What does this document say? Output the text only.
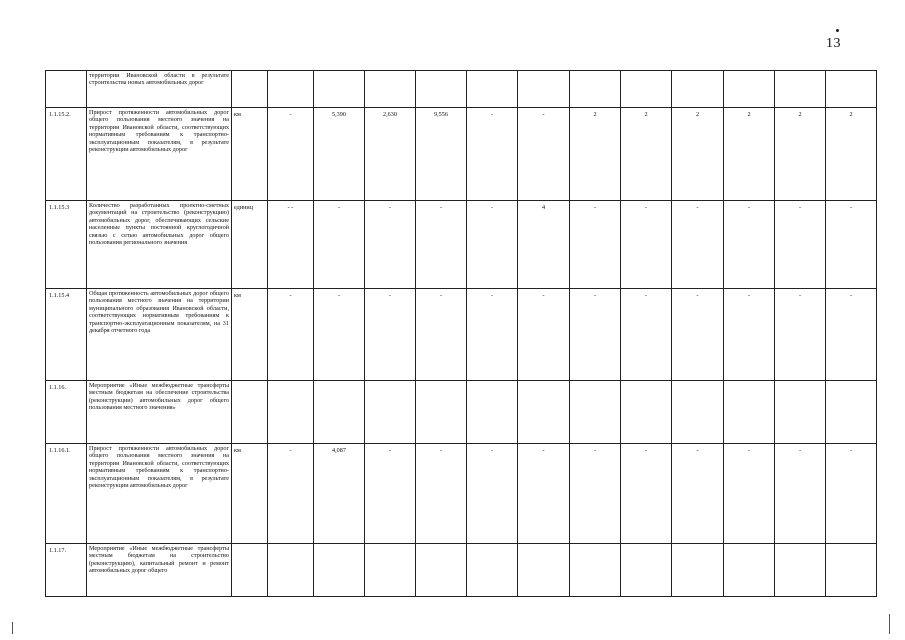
13
	территории Ивановской области в результате строительства новых автомобильных дорог													
1.1.15.2.	Прирост протяженности автомобильных дорог общего пользования местного значения на территории Ивановской области, соответствующих нормативным требованиям к транспортно-эксплуатационным показателям, в результате реконструкции автомобильных дорог	км	-	5,390	2,630	9,556	-	-	2	2	2	2	2	2
1.1.15.3	Количество разработанных проектно-сметных документаций на строительство (реконструкцию) автомобильных дорог, обеспечивающих сельские населенные пункты постоянной круглогодичной связью с сетью автомобильных дорог общего пользования регионального значения	единиц	- -	-	-	-	-	4	-	-	-	-	-	-
1.1.15.4	Общая протяженность автомобильных дорог общего пользования местного значения на территории муниципального образования Ивановской области, соответствующих нормативным требованиям к транспортно-эксплуатационным показателям, на 31 декабря отчетного года	км	-	-	-	-	-	-	-	-	-	-	-	-
1.1.16.	Мероприятие «Иные межбюджетные трансферты местным бюджетам на обеспечение строительства (реконструкции) автомобильных дорог общего пользования местного значения»													
1.1.16.1.	Прирост протяженности автомобильных дорог общего пользования местного значения на территории Ивановской области, соответствующих нормативным требованиям к транспортно-эксплуатационным показателям, в результате реконструкции автомобильных дорог	км	-	4,087	-	-	-	-	-	-	-	-	-	-
1.1.17.	Мероприятие «Иные межбюджетные трансферты местным бюджетам на строительство (реконструкцию), капитальный ремонт и ремонт автомобильных дорог общего													
